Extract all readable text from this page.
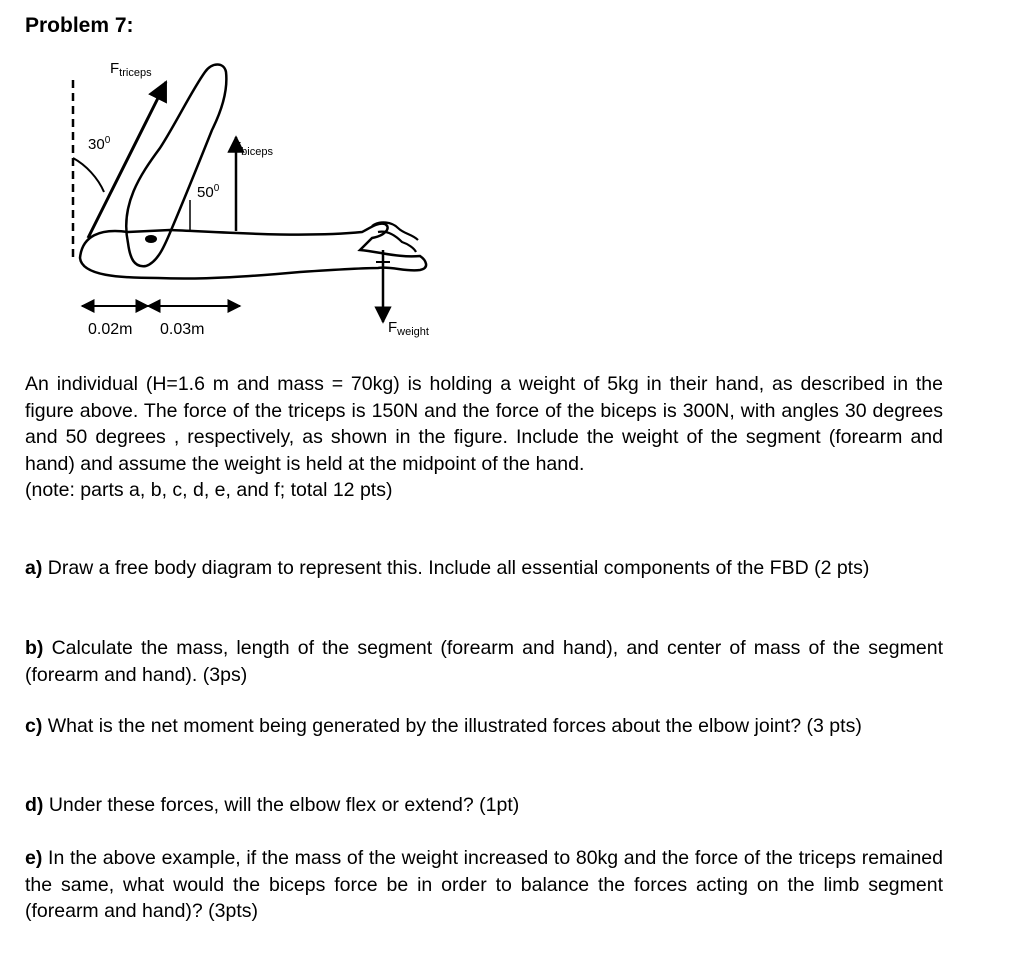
Problem 7:
$F_{triceps}$
$F_{biceps}$
$F_{weight}$
$30^0$
$50^0$
0.02m 0.03m
An individual (H=1.6 m and mass = 70kg) is holding a weight of 5kg in their hand, as described in the figure above. The force of the triceps is 150N and the force of the biceps is 300N, with angles 30 degrees and 50 degrees , respectively, as shown in the figure. Include the weight of the segment (forearm and hand) and assume the weight is held at the midpoint of the hand.
(note: parts a, b, c, d, e, and f; total 12 pts)
a) Draw a free body diagram to represent this. Include all essential components of the FBD (2 pts)
b) Calculate the mass, length of the segment (forearm and hand), and center of mass of the segment (forearm and hand). (3ps)
c) What is the net moment being generated by the illustrated forces about the elbow joint? (3 pts)
d) Under these forces, will the elbow flex or extend? (1pt)
e) In the above example, if the mass of the weight increased to 80kg and the force of the triceps remained the same, what would the biceps force be in order to balance the forces acting on the limb segment (forearm and hand)? (3pts)
